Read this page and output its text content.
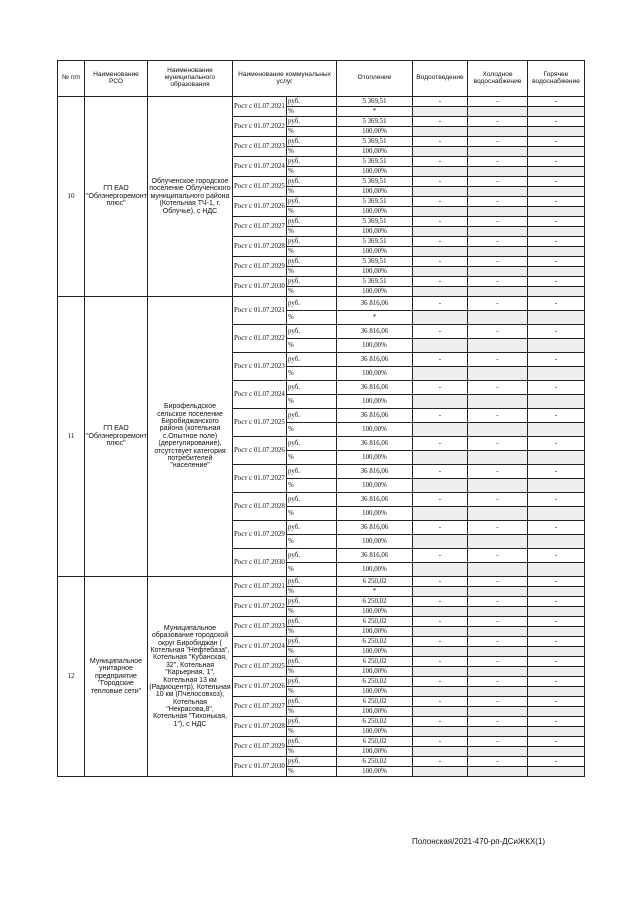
№ п/п	Наименование РСО	Наименование муниципального образования	Наименование коммунальных услуг		Отопление	Водоотведение	Холодное водоснабжение	Горячее водоснабжение
10	ГП ЕАО "Облэнергоремонт плюс"	Облученское городское поселение Облученского муниципального района (Котельная ТЧ-1, г. Облучье), с НДС	Рост с 01.07.2021	руб.	5 369,51	-	-	-
				%	*			
			Рост с 01.07.2022	руб.	5 369,51	-	-	-
				%	100,00%			
			Рост с 01.07.2023	руб.	5 369,51	-	-	-
				%	100,00%			
			Рост с 01.07.2024	руб.	5 369,51	-	-	-
				%	100,00%			
			Рост с 01.07.2025	руб.	5 369,51	-	-	-
				%	100,00%			
			Рост с 01.07.2026	руб.	5 369,51	-	-	-
				%	100,00%			
			Рост с 01.07.2027	руб.	5 369,51	-	-	-
				%	100,00%			
			Рост с 01.07.2028	руб.	5 369,51	-	-	-
				%	100,00%			
			Рост с 01.07.2029	руб.	5 369,51	-	-	-
				%	100,00%			
			Рост с 01.07.2030	руб.	5 369,51	-	-	-
				%	100,00%			
11	ГП ЕАО "Облэнергоремонт плюс"	Бирофельдское сельское поселение Биробиджанского района (котельная с.Опытное поле) (дерегулирование), отсутствует категория потребителей "население"	Рост с 01.07.2021	руб.	36 816,06	-	-	-
				%	*			
			Рост с 01.07.2022	руб.	36 816,06	-	-	-
				%	100,00%			
			Рост с 01.07.2023	руб.	36 816,06	-	-	-
				%	100,00%			
			Рост с 01.07.2024	руб.	36 816,06	-	-	-
				%	100,00%			
			Рост с 01.07.2025	руб.	36 816,06	-	-	-
				%	100,00%			
			Рост с 01.07.2026	руб.	36 816,06	-	-	-
				%	100,00%			
			Рост с 01.07.2027	руб.	36 816,06	-	-	-
				%	100,00%			
			Рост с 01.07.2028	руб.	36 816,06	-	-	-
				%	100,00%			
			Рост с 01.07.2029	руб.	36 816,06	-	-	-
				%	100,00%			
			Рост с 01.07.2030	руб.	36 816,06	-	-	-
				%	100,00%			
12	Муниципальное унитарное предприятие "Городские тепловые сети"	Муниципальное образование городской округ Биробиджан ( Котельная "Нефтебаза", Котельная "Кубанская, 32", Котельная "Карьерная, 1", Котельная 13 км (Радиоцентр), Котельная 10 км (Пчелосовхоз), Котельная "Некрасова,8", Котельная "Тихонькая, 1"), с НДС	Рост с 01.07.2021	руб.	6 250,02	-	-	-
				%	*			
			Рост с 01.07.2022	руб.	6 250,02	-	-	-
				%	100,00%			
			Рост с 01.07.2023	руб.	6 250,02	-	-	-
				%	100,00%			
			Рост с 01.07.2024	руб.	6 250,02	-	-	-
				%	100,00%			
			Рост с 01.07.2025	руб.	6 250,02	-	-	-
				%	100,00%			
			Рост с 01.07.2026	руб.	6 250,02	-	-	-
				%	100,00%			
			Рост с 01.07.2027	руб.	6 250,02	-	-	-
				%	100,00%			
			Рост с 01.07.2028	руб.	6 250,02	-	-	-
				%	100,00%			
			Рост с 01.07.2029	руб.	6 250,02	-	-	-
				%	100,00%			
			Рост с 01.07.2030	руб.	6 250,02	-	-	-
				%	100,00%			
Полонская/2021-470-рп-ДСиЖКХ(1)
